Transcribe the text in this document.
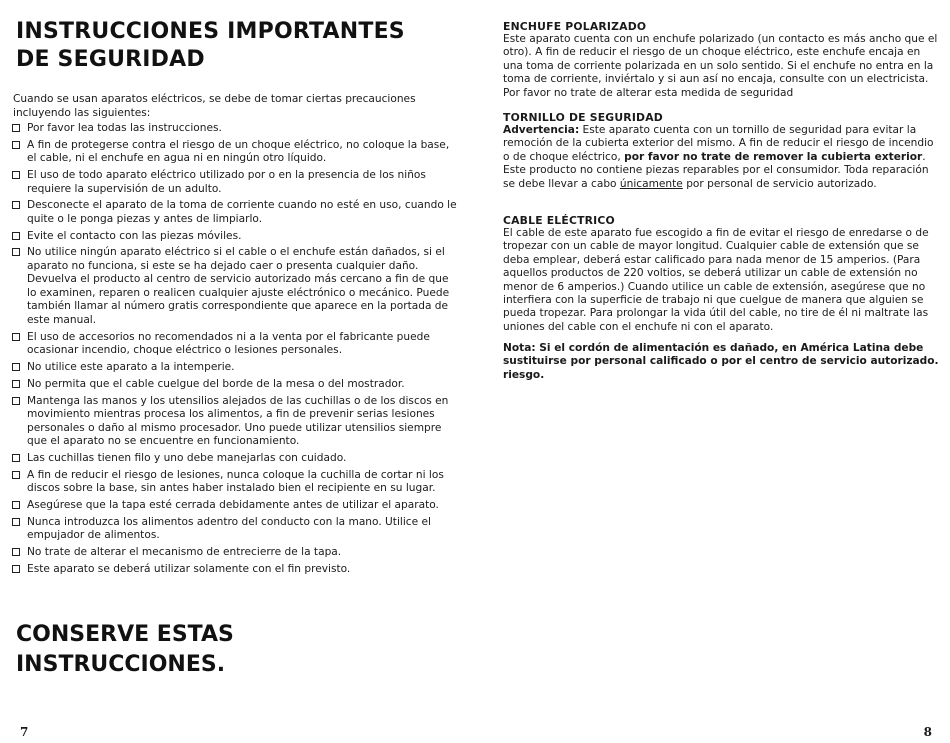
INSTRUCCIONES IMPORTANTES
DE SEGURIDAD

Cuando se usan aparatos eléctricos, se debe de tomar ciertas precauciones incluyendo las siguientes:

Por favor lea todas las instrucciones.
A fin de protegerse contra el riesgo de un choque eléctrico, no coloque la base, el cable, ni el enchufe en agua ni en ningún otro líquido.
El uso de todo aparato eléctrico utilizado por o en la presencia de los niños requiere la supervisión de un adulto.
Desconecte el aparato de la toma de corriente cuando no esté en uso, cuando le quite o le ponga piezas y antes de limpiarlo.
Evite el contacto con las piezas móviles.
No utilice ningún aparato eléctrico si el cable o el enchufe están dañados, si el aparato no funciona, si este se ha dejado caer o presenta cualquier daño. Devuelva el producto al centro de servicio autorizado más cercano a fin de que lo examinen, reparen o realicen cualquier ajuste eléctrónico o mecánico. Puede también llamar al número gratis correspondiente que aparece en la portada de este manual.
El uso de accesorios no recomendados ni a la venta por el fabricante puede ocasionar incendio, choque eléctrico o lesiones personales.
No utilice este aparato a la intemperie.
No permita que el cable cuelgue del borde de la mesa o del mostrador.
Mantenga las manos y los utensilios alejados de las cuchillas o de los discos en movimiento mientras procesa los alimentos, a fin de prevenir serias lesiones personales o daño al mismo procesador. Uno puede utilizar utensilios siempre que el aparato no se encuentre en funcionamiento.
Las cuchillas tienen filo y uno debe manejarlas con cuidado.
A fin de reducir el riesgo de lesiones, nunca coloque la cuchilla de cortar ni los discos sobre la base, sin antes haber instalado bien el recipiente en su lugar.
Asegúrese que la tapa esté cerrada debidamente antes de utilizar el aparato.
Nunca introduzca los alimentos adentro del conducto con la mano. Utilice el empujador de alimentos.
No trate de alterar el mecanismo de entrecierre de la tapa.
Este aparato se deberá utilizar solamente con el fin previsto.
CONSERVE ESTAS
INSTRUCCIONES.
7
ENCHUFE POLARIZADO

Este aparato cuenta con un enchufe polarizado (un contacto es más ancho que el otro). A fin de reducir el riesgo de un choque eléctrico, este enchufe encaja en una toma de corriente polarizada en un solo sentido. Si el enchufe no entra en la toma de corriente, inviértalo y si aun así no encaja, consulte con un electricista. Por favor no trate de alterar esta medida de seguridad

TORNILLO DE SEGURIDAD

Advertencia: Este aparato cuenta con un tornillo de seguridad para evitar la remoción de la cubierta exterior del mismo. A fin de reducir el riesgo de incendio o de choque eléctrico, por favor no trate de remover la cubierta exterior. Este producto no contiene piezas reparables por el consumidor. Toda reparación se debe llevar a cabo únicamente por personal de servicio autorizado.

CABLE ELÉCTRICO

El cable de este aparato fue escogido a fin de evitar el riesgo de enredarse o de tropezar con un cable de mayor longitud. Cualquier cable de extensión que se deba emplear, deberá estar calificado para nada menor de 15 amperios. (Para aquellos productos de 220 voltios, se deberá utilizar un cable de extensión no menor de 6 amperios.) Cuando utilice un cable de extensión, asegúrese que no interfiera con la superficie de trabajo ni que cuelgue de manera que alguien se pueda tropezar. Para prolongar la vida útil del cable, no tire de él ni maltrate las uniones del cable con el enchufe ni con el aparato.

Nota: Si el cordón de alimentación es dañado, en América Latina debe sustituirse por personal calificado o por el centro de servicio autorizado. riesgo.

8
